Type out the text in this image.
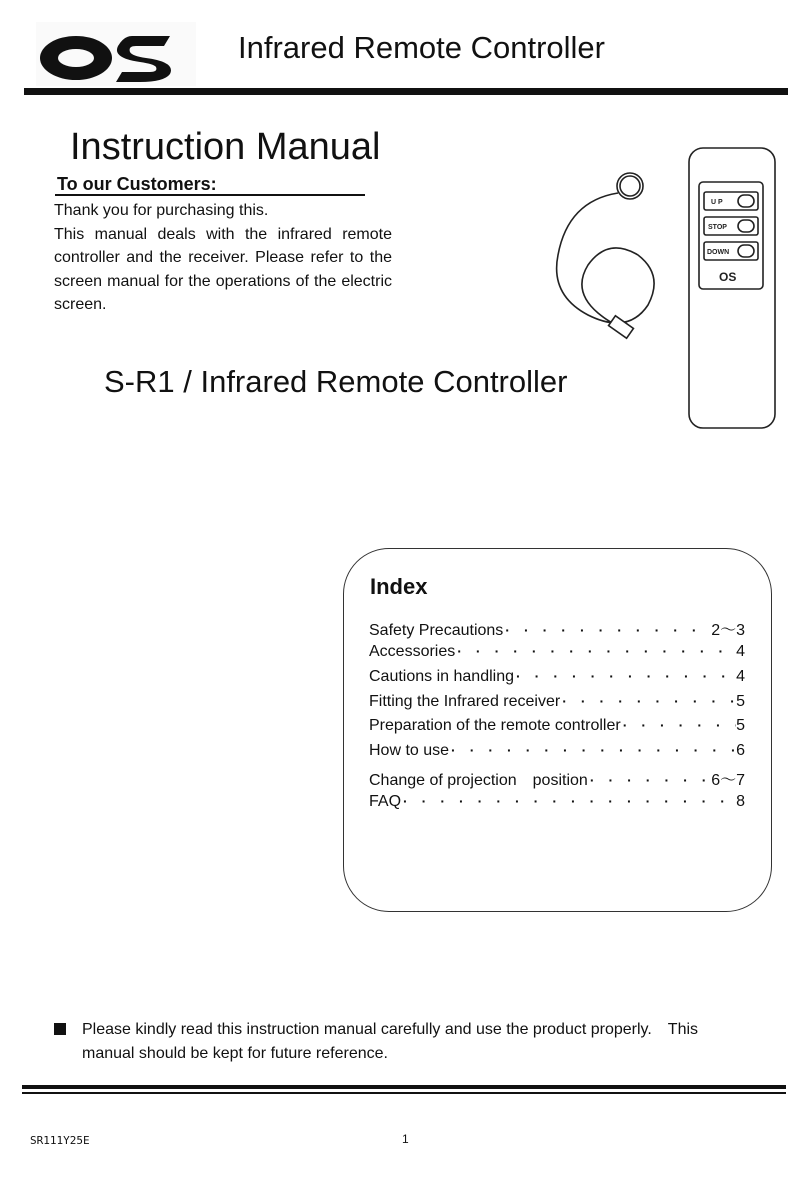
Infrared Remote Controller
Instruction Manual
To our Customers:
Thank you for purchasing this.
This manual deals with the infrared remote controller and the receiver. Please refer to the screen manual for the operations of the electric screen.
U P
STOP
DOWN
OS
S-R1 / Infrared Remote Controller
Index
Safety Precautions · · ·	2～3
Accessories · · ·	4
Cautions in handling · · ·	4
Fitting the Infrared receiver · · ·	5
Preparation of the remote controller · · ·	5
How to use · · ·	6
Change of projection　position · · ·	6～7
FAQ · · ·	8
Please kindly read this instruction manual carefully and use the product properly.　This manual should be kept for future reference.
SR111Y25E	1
